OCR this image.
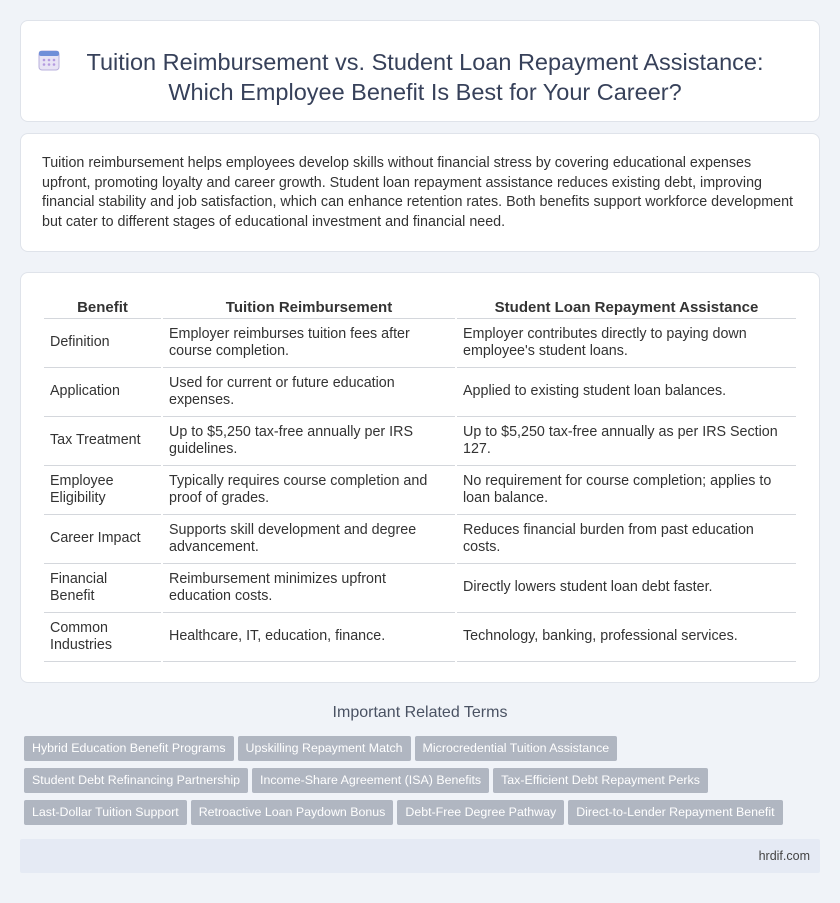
Tuition Reimbursement vs. Student Loan Repayment Assistance: Which Employee Benefit Is Best for Your Career?

Tuition reimbursement helps employees develop skills without financial stress by covering educational expenses upfront, promoting loyalty and career growth. Student loan repayment assistance reduces existing debt, improving financial stability and job satisfaction, which can enhance retention rates. Both benefits support workforce development but cater to different stages of educational investment and financial need.

Benefit	Tuition Reimbursement	Student Loan Repayment Assistance
Definition	Employer reimburses tuition fees after course completion.	Employer contributes directly to paying down employee's student loans.
Application	Used for current or future education expenses.	Applied to existing student loan balances.
Tax Treatment	Up to $5,250 tax-free annually per IRS guidelines.	Up to $5,250 tax-free annually as per IRS Section 127.
Employee Eligibility	Typically requires course completion and proof of grades.	No requirement for course completion; applies to loan balance.
Career Impact	Supports skill development and degree advancement.	Reduces financial burden from past education costs.
Financial Benefit	Reimbursement minimizes upfront education costs.	Directly lowers student loan debt faster.
Common Industries	Healthcare, IT, education, finance.	Technology, banking, professional services.
Important Related Terms
Hybrid Education Benefit Programs Upskilling Repayment Match Microcredential Tuition Assistance
Student Debt Refinancing Partnership Income-Share Agreement (ISA) Benefits Tax-Efficient Debt Repayment Perks
Last-Dollar Tuition Support Retroactive Loan Paydown Bonus Debt-Free Degree Pathway Direct-to-Lender Repayment Benefit
hrdif.com
